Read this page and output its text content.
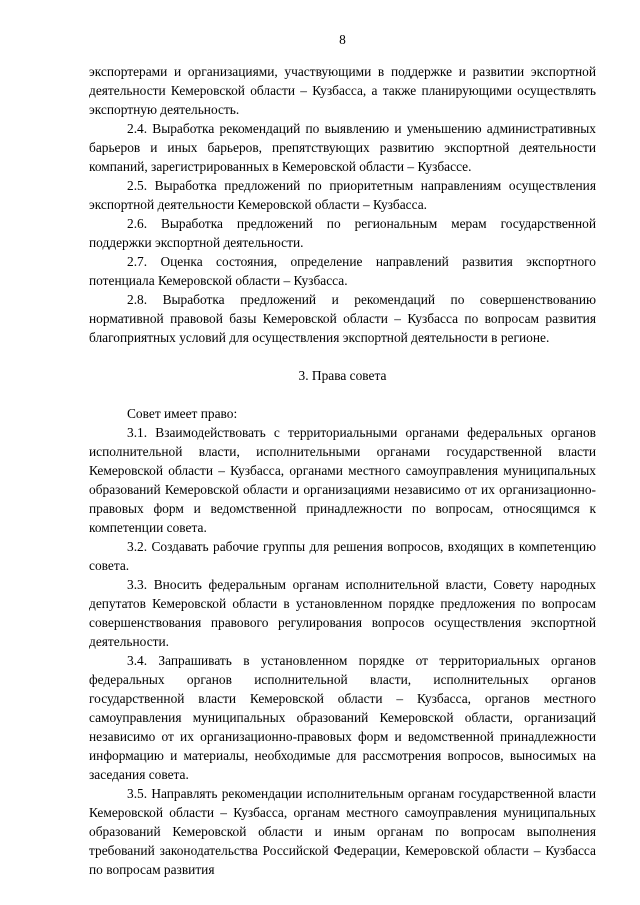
8

экспортерами и организациями, участвующими в поддержке и развитии экспортной деятельности Кемеровской области – Кузбасса, а также планирующими осуществлять экспортную деятельность.

2.4. Выработка рекомендаций по выявлению и уменьшению административных барьеров и иных барьеров, препятствующих развитию экспортной деятельности компаний, зарегистрированных в Кемеровской области – Кузбассе.

2.5. Выработка предложений по приоритетным направлениям осуществления экспортной деятельности Кемеровской области – Кузбасса.

2.6. Выработка предложений по региональным мерам государственной поддержки экспортной деятельности.

2.7. Оценка состояния, определение направлений развития экспортного потенциала Кемеровской области – Кузбасса.

2.8. Выработка предложений и рекомендаций по совершенствованию нормативной правовой базы Кемеровской области – Кузбасса по вопросам развития благоприятных условий для осуществления экспортной деятельности в регионе.

3. Права совета

Совет имеет право:

3.1. Взаимодействовать с территориальными органами федеральных органов исполнительной власти, исполнительными органами государственной власти Кемеровской области – Кузбасса, органами местного самоуправления муниципальных образований Кемеровской области и организациями независимо от их организационно-правовых форм и ведомственной принадлежности по вопросам, относящимся к компетенции совета.

3.2. Создавать рабочие группы для решения вопросов, входящих в компетенцию совета.

3.3. Вносить федеральным органам исполнительной власти, Совету народных депутатов Кемеровской области в установленном порядке предложения по вопросам совершенствования правового регулирования вопросов осуществления экспортной деятельности.

3.4. Запрашивать в установленном порядке от территориальных органов федеральных органов исполнительной власти, исполнительных органов государственной власти Кемеровской области – Кузбасса, органов местного самоуправления муниципальных образований Кемеровской области, организаций независимо от их организационно-правовых форм и ведомственной принадлежности информацию и материалы, необходимые для рассмотрения вопросов, выносимых на заседания совета.

3.5. Направлять рекомендации исполнительным органам государственной власти Кемеровской области – Кузбасса, органам местного самоуправления муниципальных образований Кемеровской области и иным органам по вопросам выполнения требований законодательства Российской Федерации, Кемеровской области – Кузбасса по вопросам развития
